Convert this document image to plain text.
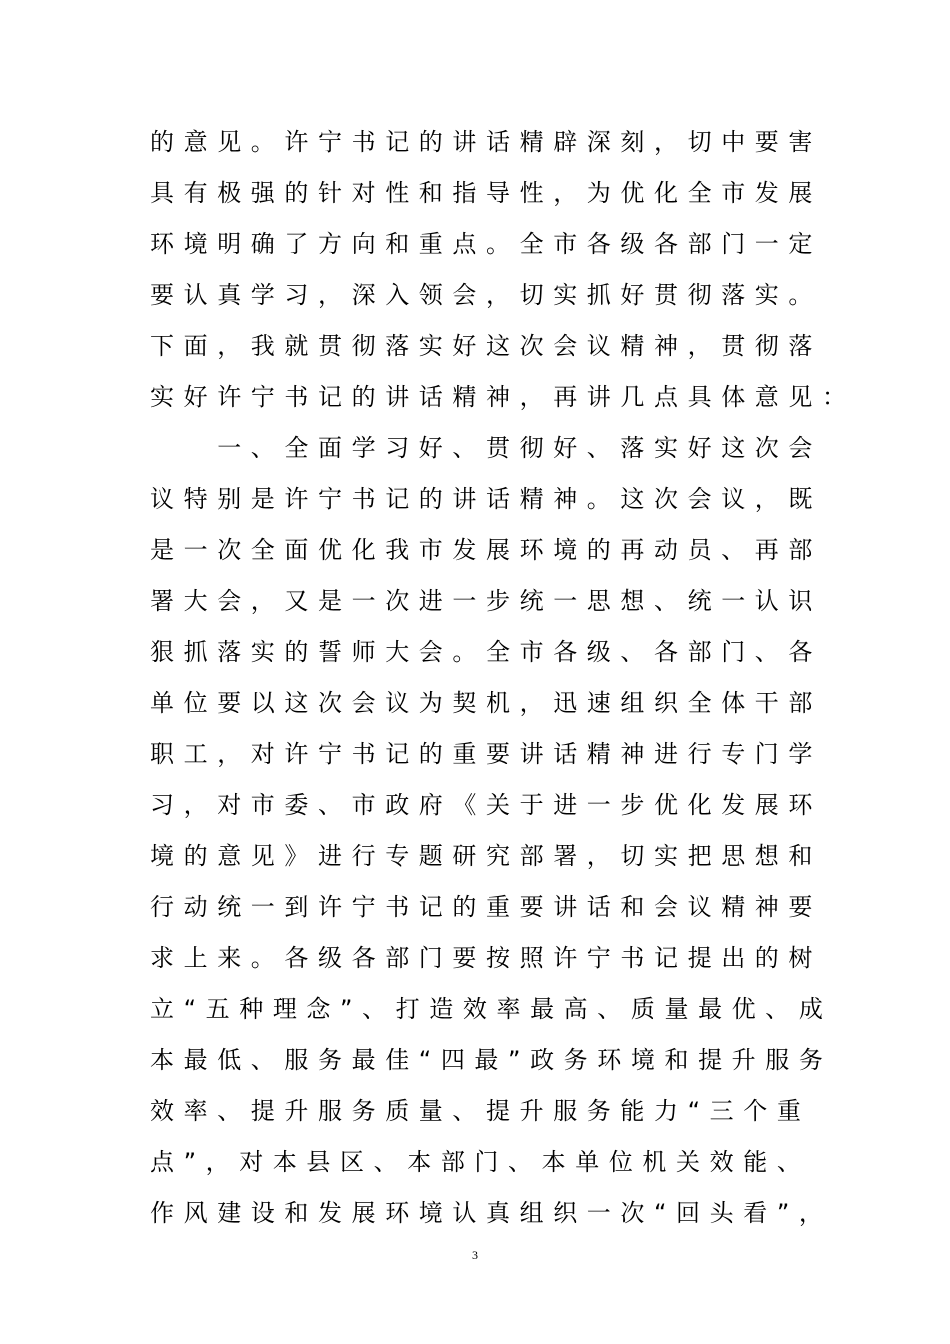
的意见。许宁书记的讲话精辟深刻，切中要害
具有极强的针对性和指导性，为优化全市发展
环境明确了方向和重点。全市各级各部门一定
要认真学习，深入领会，切实抓好贯彻落实。
下面，我就贯彻落实好这次会议精神，贯彻落
实好许宁书记的讲话精神，再讲几点具体意见：
　　一、全面学习好、贯彻好、落实好这次会
议特别是许宁书记的讲话精神。这次会议，既
是一次全面优化我市发展环境的再动员、再部
署大会，又是一次进一步统一思想、统一认识
狠抓落实的誓师大会。全市各级、各部门、各
单位要以这次会议为契机，迅速组织全体干部
职工，对许宁书记的重要讲话精神进行专门学
习，对市委、市政府《关于进一步优化发展环
境的意见》进行专题研究部署，切实把思想和
行动统一到许宁书记的重要讲话和会议精神要
求上来。各级各部门要按照许宁书记提出的树
立“五种理念”、打造效率最高、质量最优、成
本最低、服务最佳“四最”政务环境和提升服务
效率、提升服务质量、提升服务能力“三个重
点”，对本县区、本部门、本单位机关效能、
作风建设和发展环境认真组织一次“回头看”，
3
